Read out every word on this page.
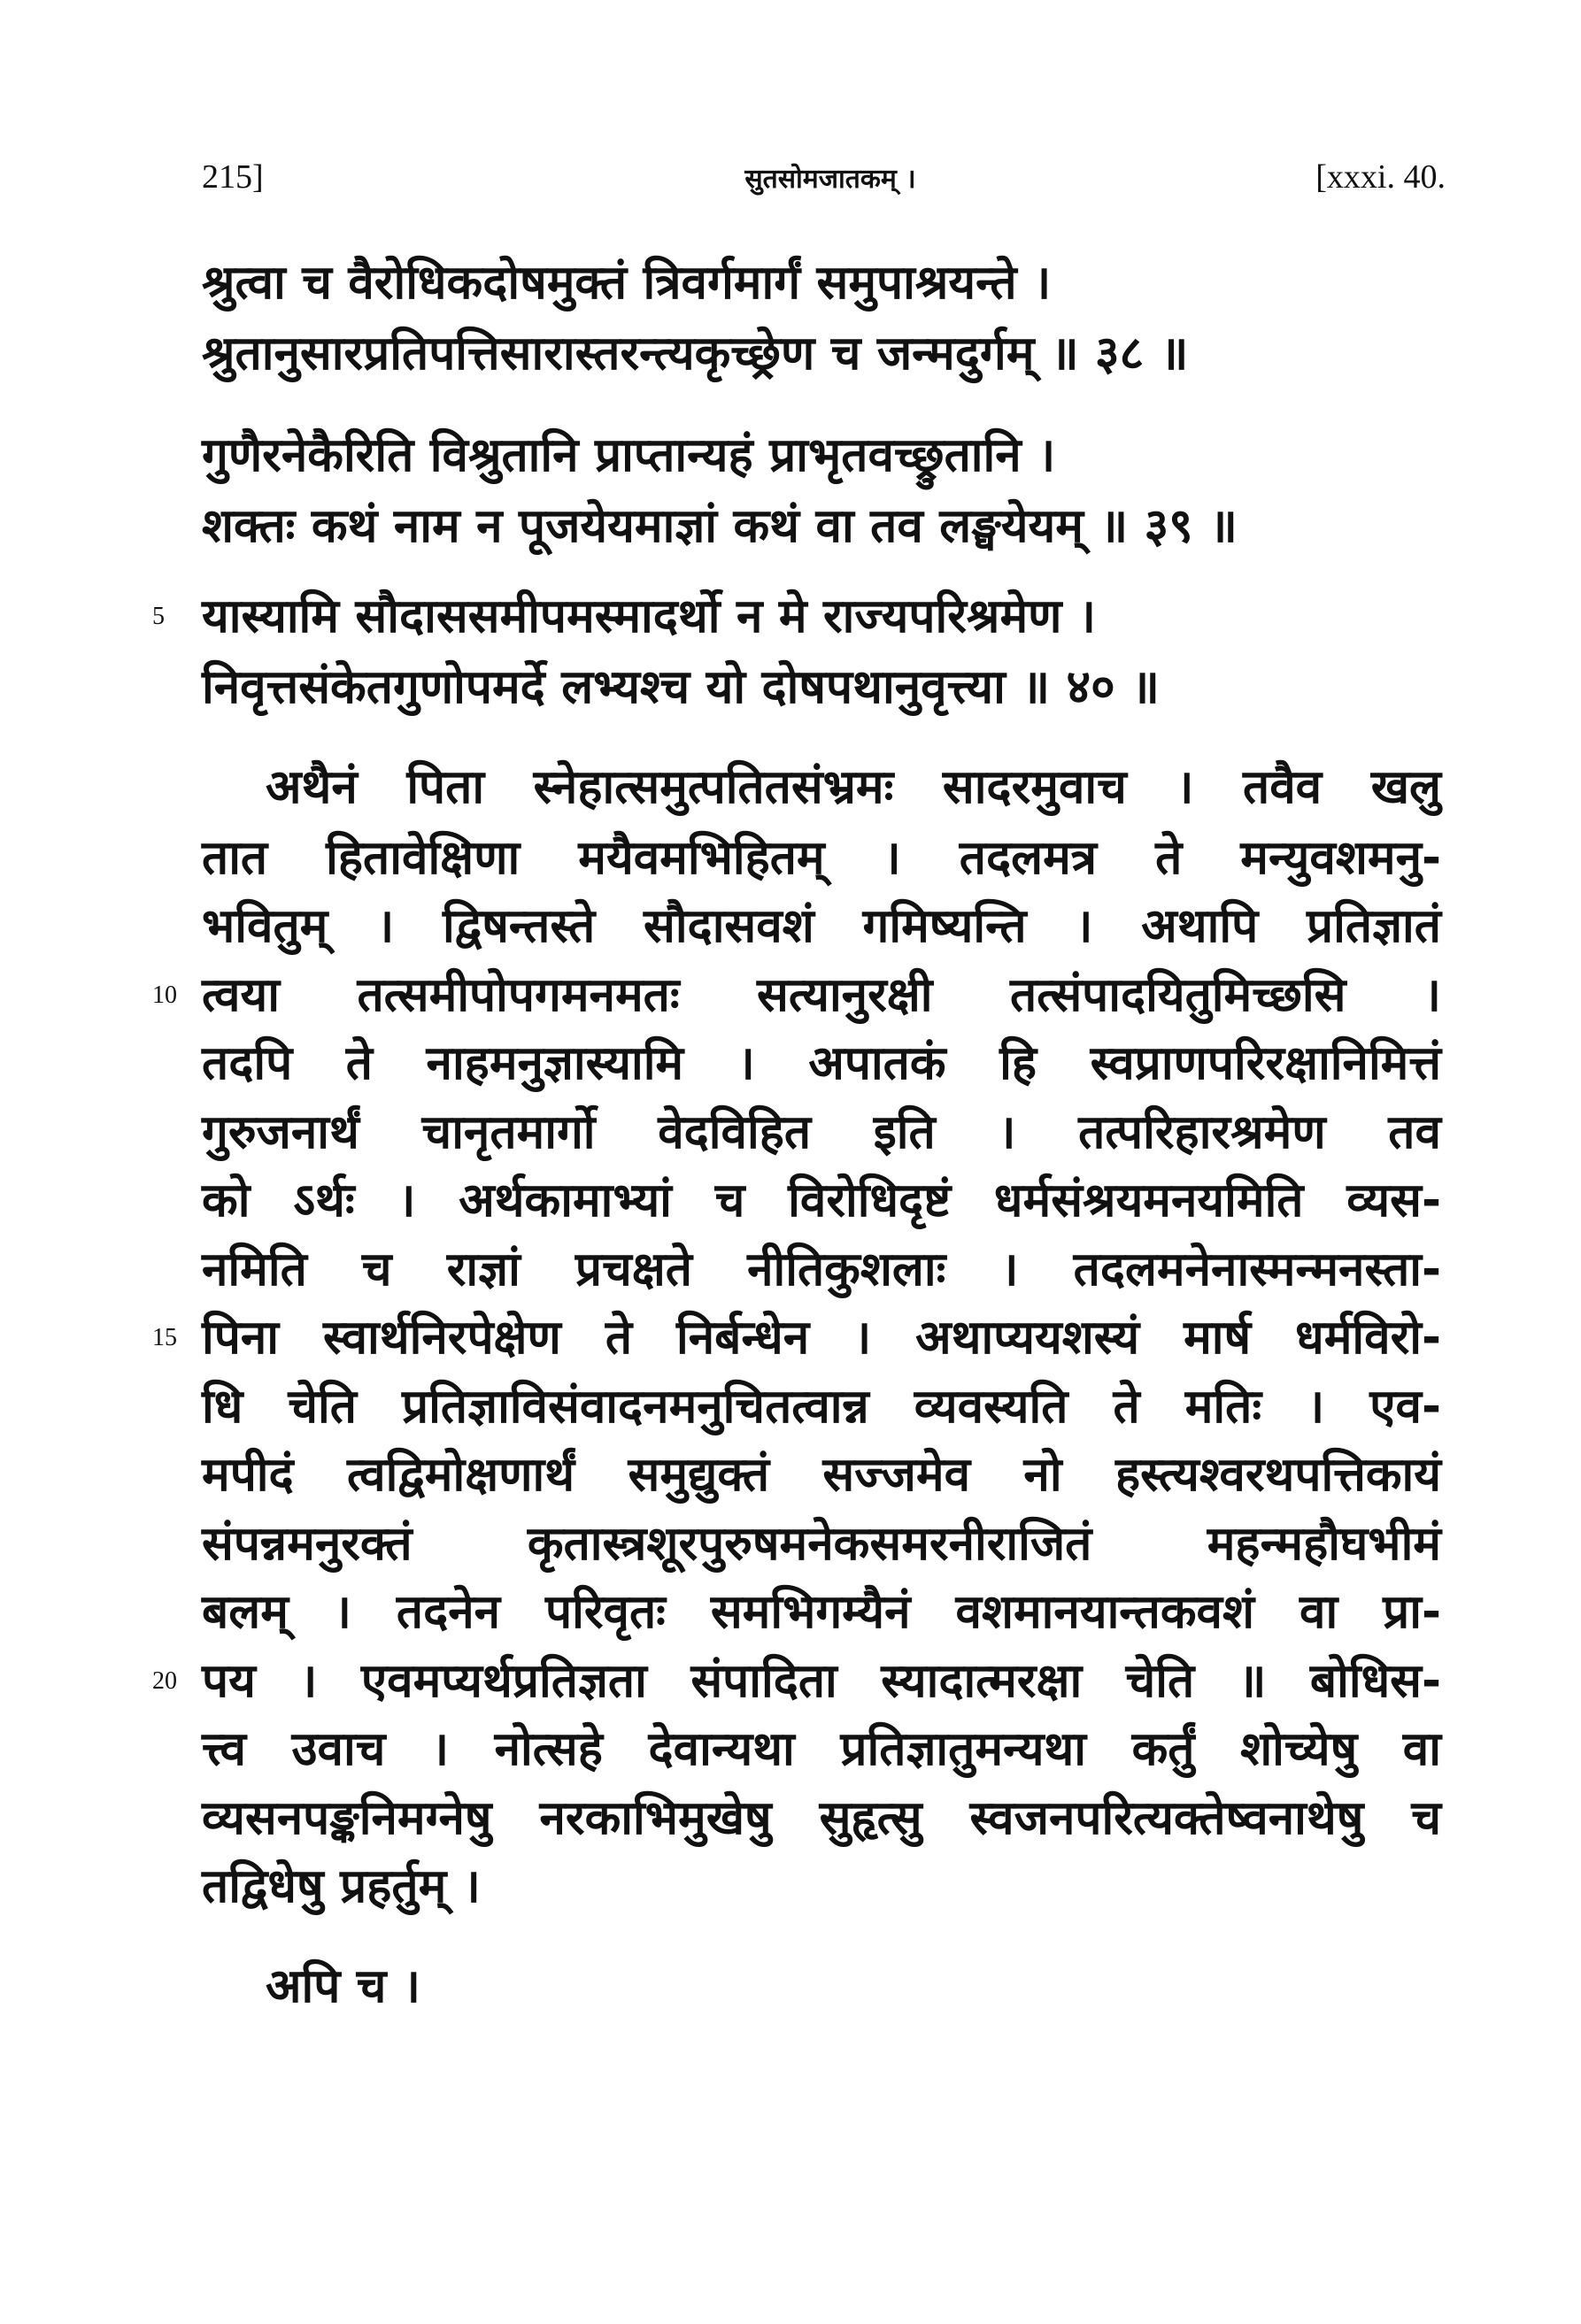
215]	सुतसोमजातकम् ।	[xxxi. 40.
श्रुत्वा च वैरोधिकदोषमुक्तं त्रिवर्गमार्गं समुपाश्रयन्ते ।
श्रुतानुसारप्रतिपत्तिसारास्तरन्त्यकृच्छ्रेण च जन्मदुर्गम् ॥ ३८ ॥
गुणैरनेकैरिति विश्रुतानि प्राप्तान्यहं प्राभृतवच्छ्रुतानि ।
शक्तः कथं नाम न पूजयेयमाज्ञां कथं वा तव लङ्घयेयम् ॥ ३९ ॥
5 यास्यामि सौदाससमीपमस्मादर्थो न मे राज्यपरिश्रमेण ।
निवृत्तसंकेतगुणोपमर्दे लभ्यश्च यो दोषपथानुवृत्त्या ॥ ४० ॥
अथैनं पिता स्नेहात्समुत्पतितसंभ्रमः सादरमुवाच । तवैव खलु
तात हितावेक्षिणा मयैवमभिहितम् । तदलमत्र ते मन्युवशमनु-
भवितुम् । द्विषन्तस्ते सौदासवशं गमिष्यन्ति । अथापि प्रतिज्ञातं
10 त्वया तत्समीपोपगमनमतः सत्यानुरक्षी तत्संपादयितुमिच्छसि ।
तदपि ते नाहमनुज्ञास्यामि । अपातकं हि स्वप्राणपरिरक्षानिमित्तं
गुरुजनार्थं चानृतमार्गो वेदविहित इति । तत्परिहारश्रमेण तव
को ऽर्थः । अर्थकामाभ्यां च विरोधिदृष्टं धर्मसंश्रयमनयमिति व्यस-
नमिति च राज्ञां प्रचक्षते नीतिकुशलाः । तदलमनेनास्मन्मनस्ता-
15 पिना स्वार्थनिरपेक्षेण ते निर्बन्धेन । अथाप्ययशस्यं मार्ष धर्मविरो-
धि चेति प्रतिज्ञाविसंवादनमनुचितत्वान्न व्यवस्यति ते मतिः । एव-
मपीदं त्वद्विमोक्षणार्थं समुद्युक्तं सज्जमेव नो हस्त्यश्वरथपत्तिकायं
संपन्नमनुरक्तं कृतास्त्रशूरपुरुषमनेकसमरनीराजितं महन्महौघभीमं
बलम् । तदनेन परिवृतः समभिगम्यैनं वशमानयान्तकवशं वा प्रा-
20 पय । एवमप्यर्थप्रतिज्ञता संपादिता स्यादात्मरक्षा चेति ॥ बोधिस-
त्त्व उवाच । नोत्सहे देवान्यथा प्रतिज्ञातुमन्यथा कर्तुं शोच्येषु वा
व्यसनपङ्कनिमग्नेषु नरकाभिमुखेषु सुहृत्सु स्वजनपरित्यक्तेष्वनाथेषु च
तद्विधेषु प्रहर्तुम् ।
अपि च ।
